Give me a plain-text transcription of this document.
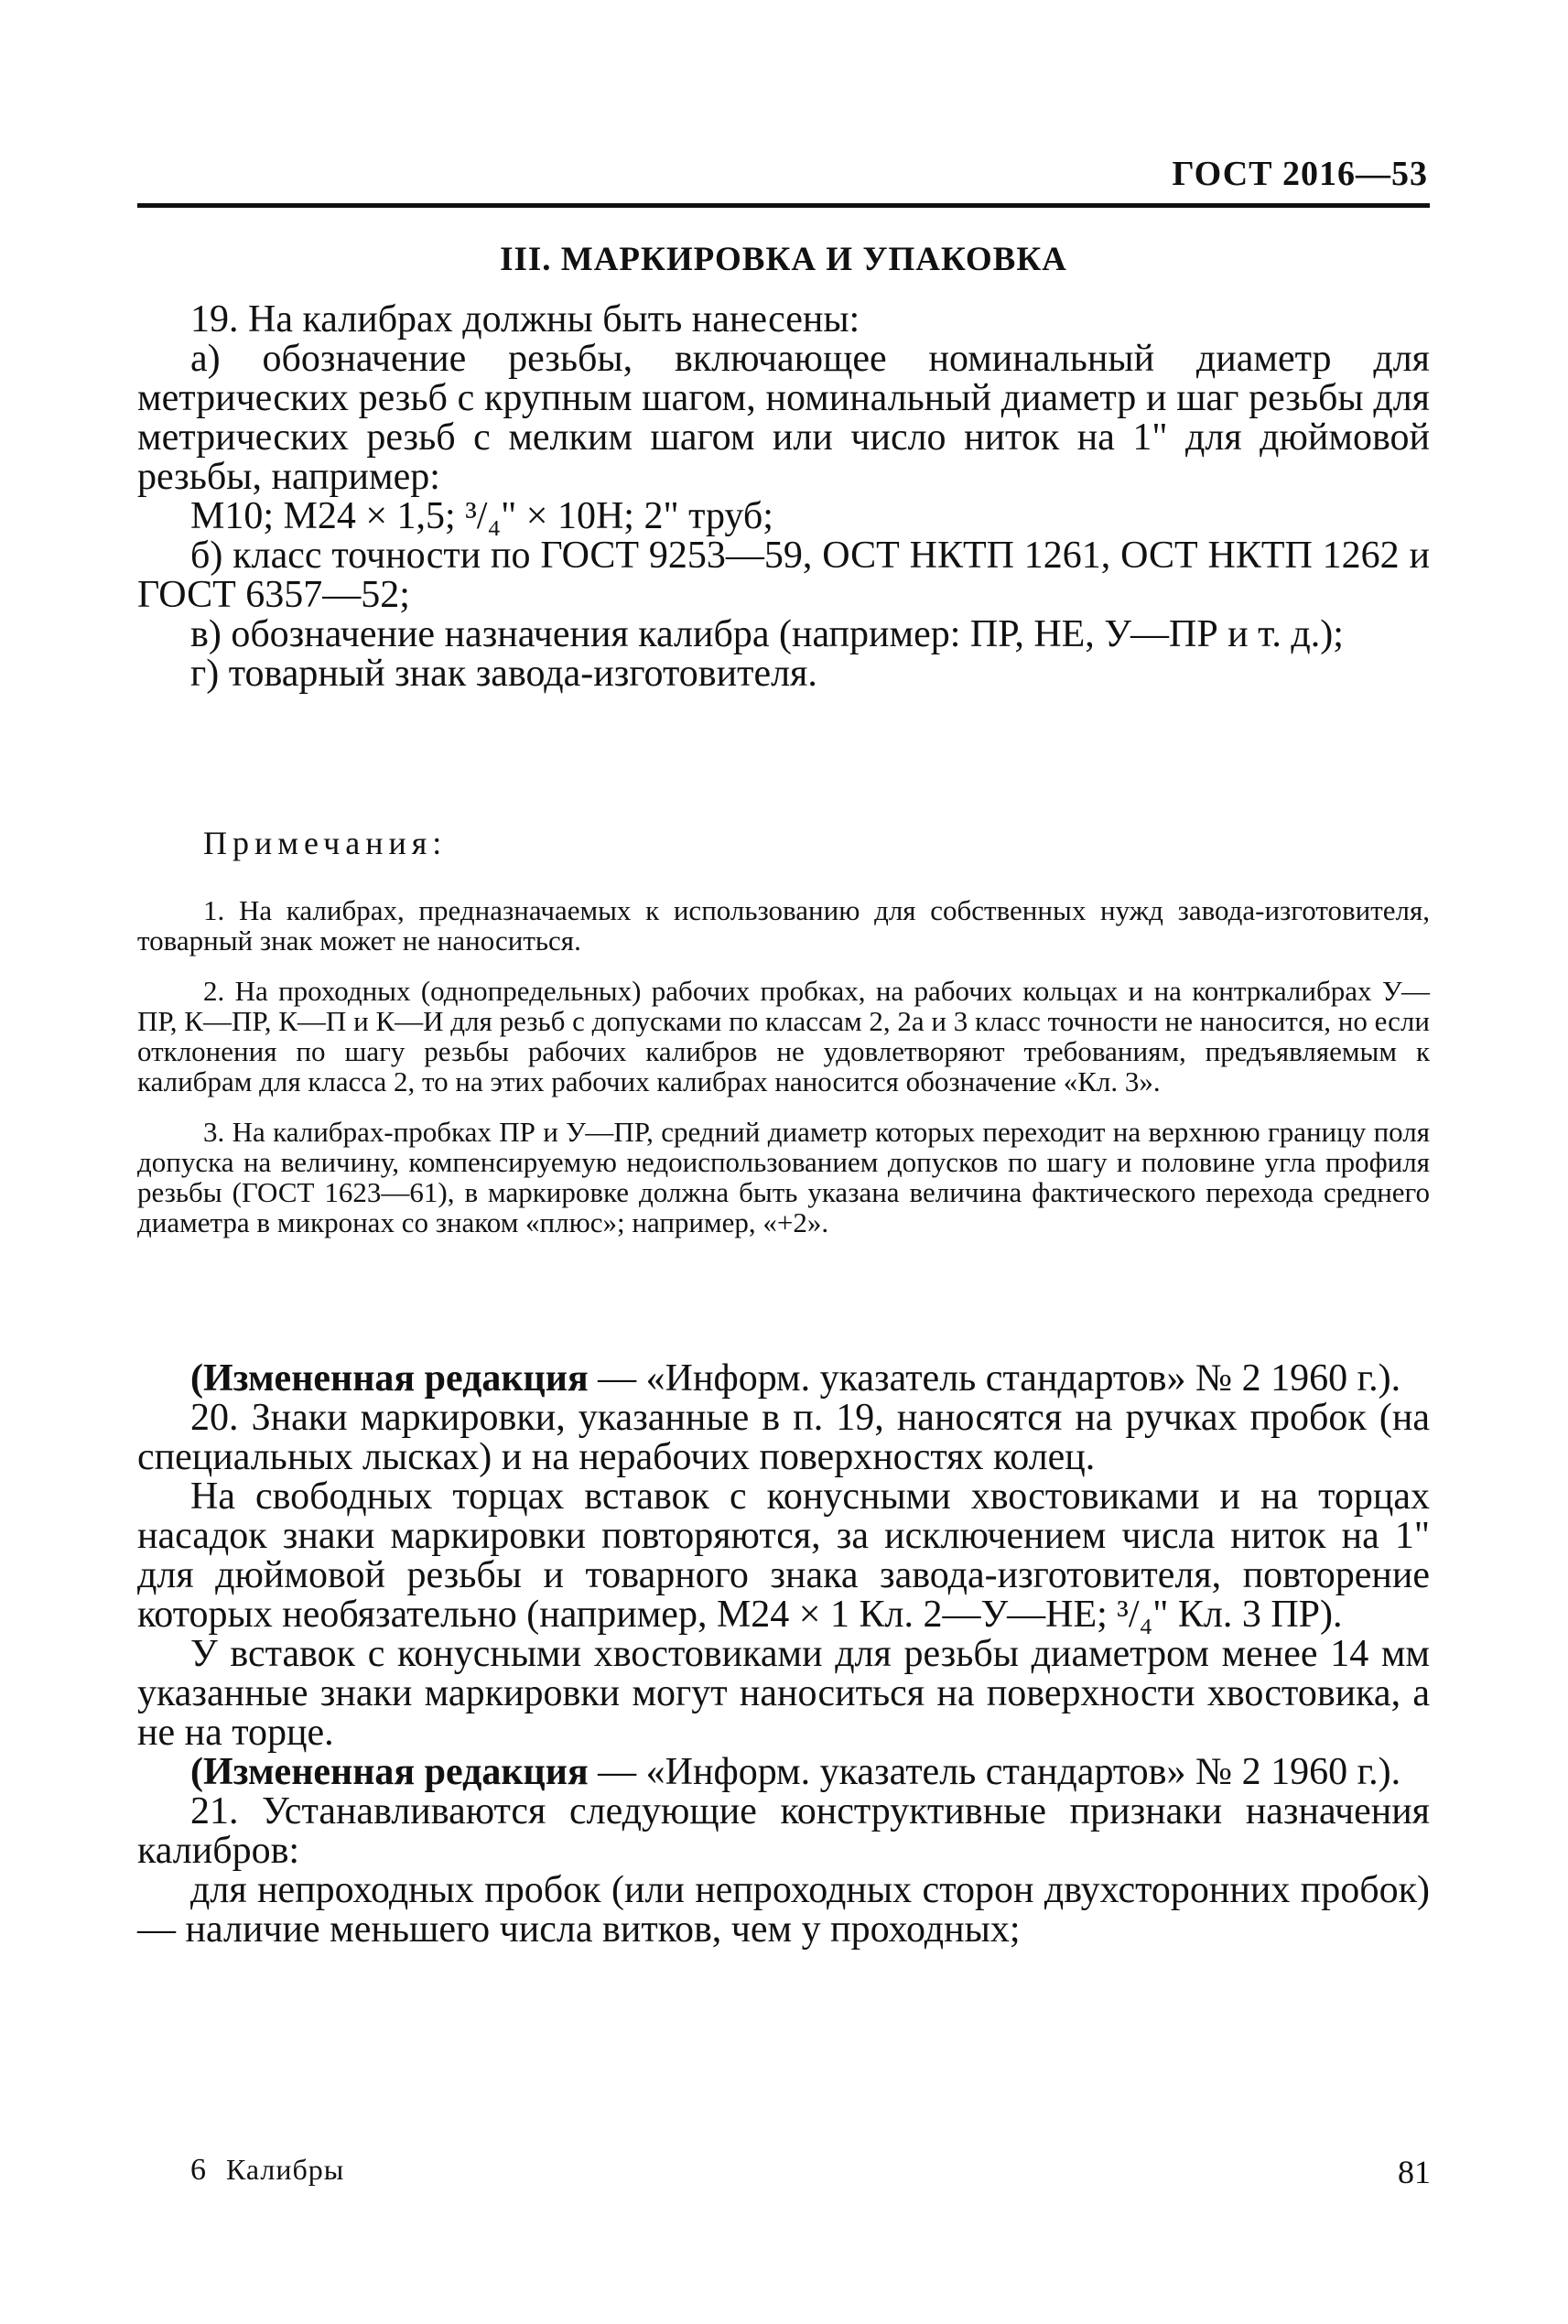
ГОСТ 2016—53
III. МАРКИРОВКА И УПАКОВКА

19. На калибрах должны быть нанесены:

а) обозначение резьбы, включающее номинальный диаметр для метрических резьб с крупным шагом, номинальный диаметр и шаг резьбы для метрических резьб с мелким шагом или число ниток на 1" для дюймовой резьбы, например:

М10; М24 × 1,5; ³/₄" × 10Н; 2" труб;

б) класс точности по ГОСТ 9253—59, ОСТ НКТП 1261, ОСТ НКТП 1262 и ГОСТ 6357—52;

в) обозначение назначения калибра (например: ПР, НЕ, У—ПР и т. д.);

г) товарный знак завода-изготовителя.

Примечания:

1. На калибрах, предназначаемых к использованию для собственных нужд завода-изготовителя, товарный знак может не наноситься.

2. На проходных (однопредельных) рабочих пробках, на рабочих кольцах и на контркалибрах У—ПР, К—ПР, К—П и К—И для резьб с допусками по классам 2, 2а и 3 класс точности не наносится, но если отклонения по шагу резьбы рабочих калибров не удовлетворяют требованиям, предъявляемым к калибрам для класса 2, то на этих рабочих калибрах наносится обозначение «Кл. 3».

3. На калибрах-пробках ПР и У—ПР, средний диаметр которых переходит на верхнюю границу поля допуска на величину, компенсируемую недоиспользованием допусков по шагу и половине угла профиля резьбы (ГОСТ 1623—61), в маркировке должна быть указана величина фактического перехода среднего диаметра в микронах со знаком «плюс»; например, «+2».

(Измененная редакция — «Информ. указатель стандартов» № 2 1960 г.).

20. Знаки маркировки, указанные в п. 19, наносятся на ручках пробок (на специальных лысках) и на нерабочих поверхностях колец.

На свободных торцах вставок с конусными хвостовиками и на торцах насадок знаки маркировки повторяются, за исключением числа ниток на 1" для дюймовой резьбы и товарного знака завода-изготовителя, повторение которых необязательно (например, М24 × 1 Кл. 2—У—НЕ; ³/₄" Кл. 3 ПР).

У вставок с конусными хвостовиками для резьбы диаметром менее 14 мм указанные знаки маркировки могут наноситься на поверхности хвостовика, а не на торце.

(Измененная редакция — «Информ. указатель стандартов» № 2 1960 г.).

21. Устанавливаются следующие конструктивные признаки назначения калибров:

для непроходных пробок (или непроходных сторон двухсторонних пробок) — наличие меньшего числа витков, чем у проходных;

6 Калибры	81
